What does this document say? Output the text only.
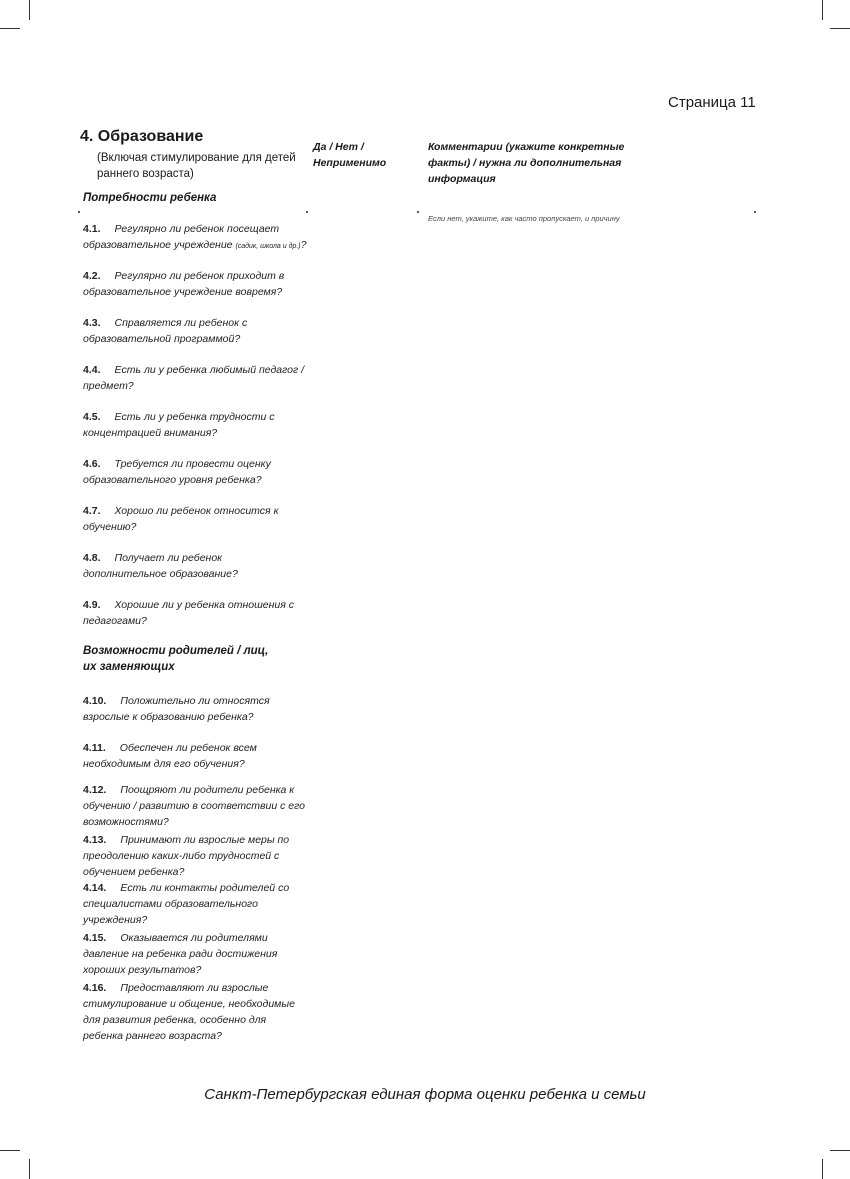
Страница 11
4. Образование
(Включая стимулирование для детей раннего возраста)
Да / Нет / Неприменимо
Комментарии (укажите конкретные факты) / нужна ли дополнительная информация
Потребности ребенка
Если нет, укажите, как часто пропускает, и причину
4.1. Регулярно ли ребенок посещает образовательное учреждение (садик, школа и др.)?
4.2. Регулярно ли ребенок приходит в образовательное учреждение вовремя?
4.3. Справляется ли ребенок с образовательной программой?
4.4. Есть ли у ребенка любимый педагог /предмет?
4.5. Есть ли у ребенка трудности с концентрацией внимания?
4.6. Требуется ли провести оценку образовательного уровня ребенка?
4.7. Хорошо ли ребенок относится к обучению?
4.8. Получает ли ребенок дополнительное образование?
4.9. Хорошие ли у ребенка отношения с педагогами?
4.10. Положительно ли относятся взрослые к образованию ребенка?
4.11. Обеспечен ли ребенок всем необходимым для его обучения?
4.12. Поощряют ли родители ребенка к обучению / развитию в соответствии с его возможностями?
4.13. Принимают ли взрослые меры по преодолению каких-либо трудностей с обучением ребенка?
4.14. Есть ли контакты родителей со специалистами образовательного учреждения?
4.15. Оказывается ли родителями давление на ребенка ради достижения хороших результатов?
4.16. Предоставляют ли взрослые стимулирование и общение, необходимые для развития ребенка, особенно для ребенка раннего возраста?
Возможности родителей / лиц, их заменяющих
Санкт-Петербургская единая форма оценки ребенка и семьи
